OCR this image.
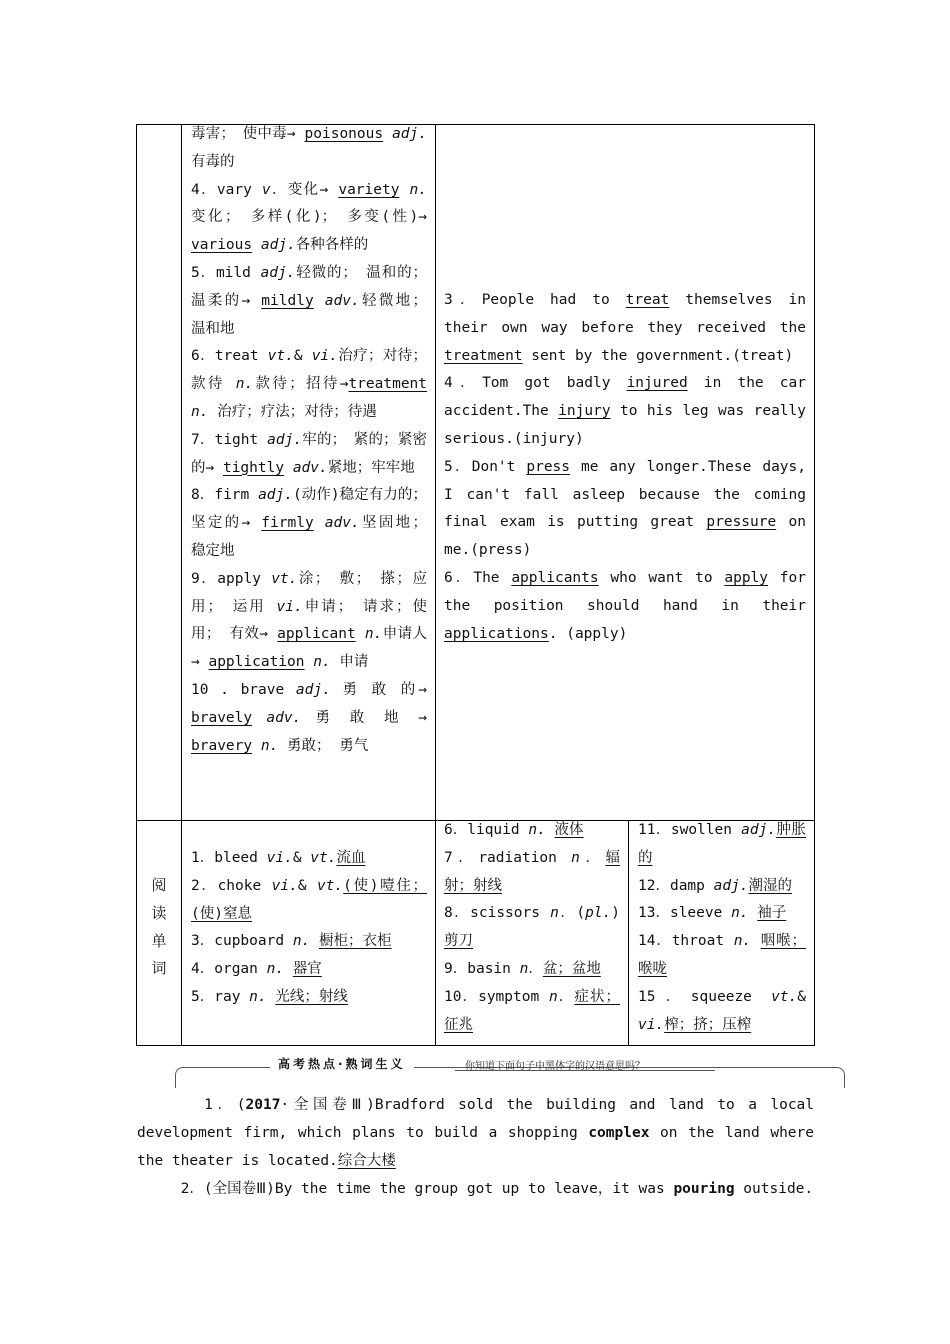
毒害；　使中毒→ poisonous adj.有毒的

4．vary v．变化→ variety n. 变化； 多样(化)； 多变(性)→ various adj.各种各样的

5．mild adj.轻微的； 温和的； 温柔的→ mildly adv.轻微地； 温和地

6．treat vt.& vi.治疗；对待；款待 n.款待；招待→treatment n. 治疗；疗法；对待；待遇

7．tight adj.牢的；　紧的；紧密的→ tightly adv.紧地；牢牢地

8．firm adj.(动作)稳定有力的； 坚定的→ firmly adv.坚固地； 稳定地

9．apply vt.涂； 敷； 搽；应用； 运用 vi.申请； 请求；使用； 有效→ applicant n.申请人→ application n. 申请

10 . brave adj. 勇 敢 的→ bravely adv. 勇 敢 地 → bravery n. 勇敢； 勇气

3．People had to treat themselves in their own way before they received the treatment sent by the government.(treat)

4．Tom got badly injured in the car accident.The injury to his leg was really serious.(injury)

5．Don't press me any longer.These days, I can't fall asleep because the coming final exam is putting great pressure on me.(press)

6．The applicants who want to apply for the position should hand in their applications. (apply)

阅
读
单
词

1．bleed vi.& vt.流血

2．choke vi.& vt.(使)噎住；(使)窒息

3．cupboard n. 橱柜；衣柜

4．organ n. 器官

5．ray n. 光线；射线

6．liquid n. 液体

7．radiation n．辐射；射线

8．scissors n．(pl.)剪刀

9．basin n．盆；盆地

10．symptom n．症状；征兆

11．swollen adj.肿胀的

12．damp adj.潮湿的

13．sleeve n. 袖子

14．throat n. 咽喉；喉咙

15．squeeze vt.& vi.榨；挤；压榨

高考热点·熟词生义	你知道下面句子中黑体字的汉语意思吗？
1．(2017·全国卷Ⅲ)Bradford sold the building and land to a local development firm, which plans to build a shopping complex on the land where the theater is located.综合大楼
2．(全国卷Ⅲ)By the time the group got up to leave，it was pouring outside.
